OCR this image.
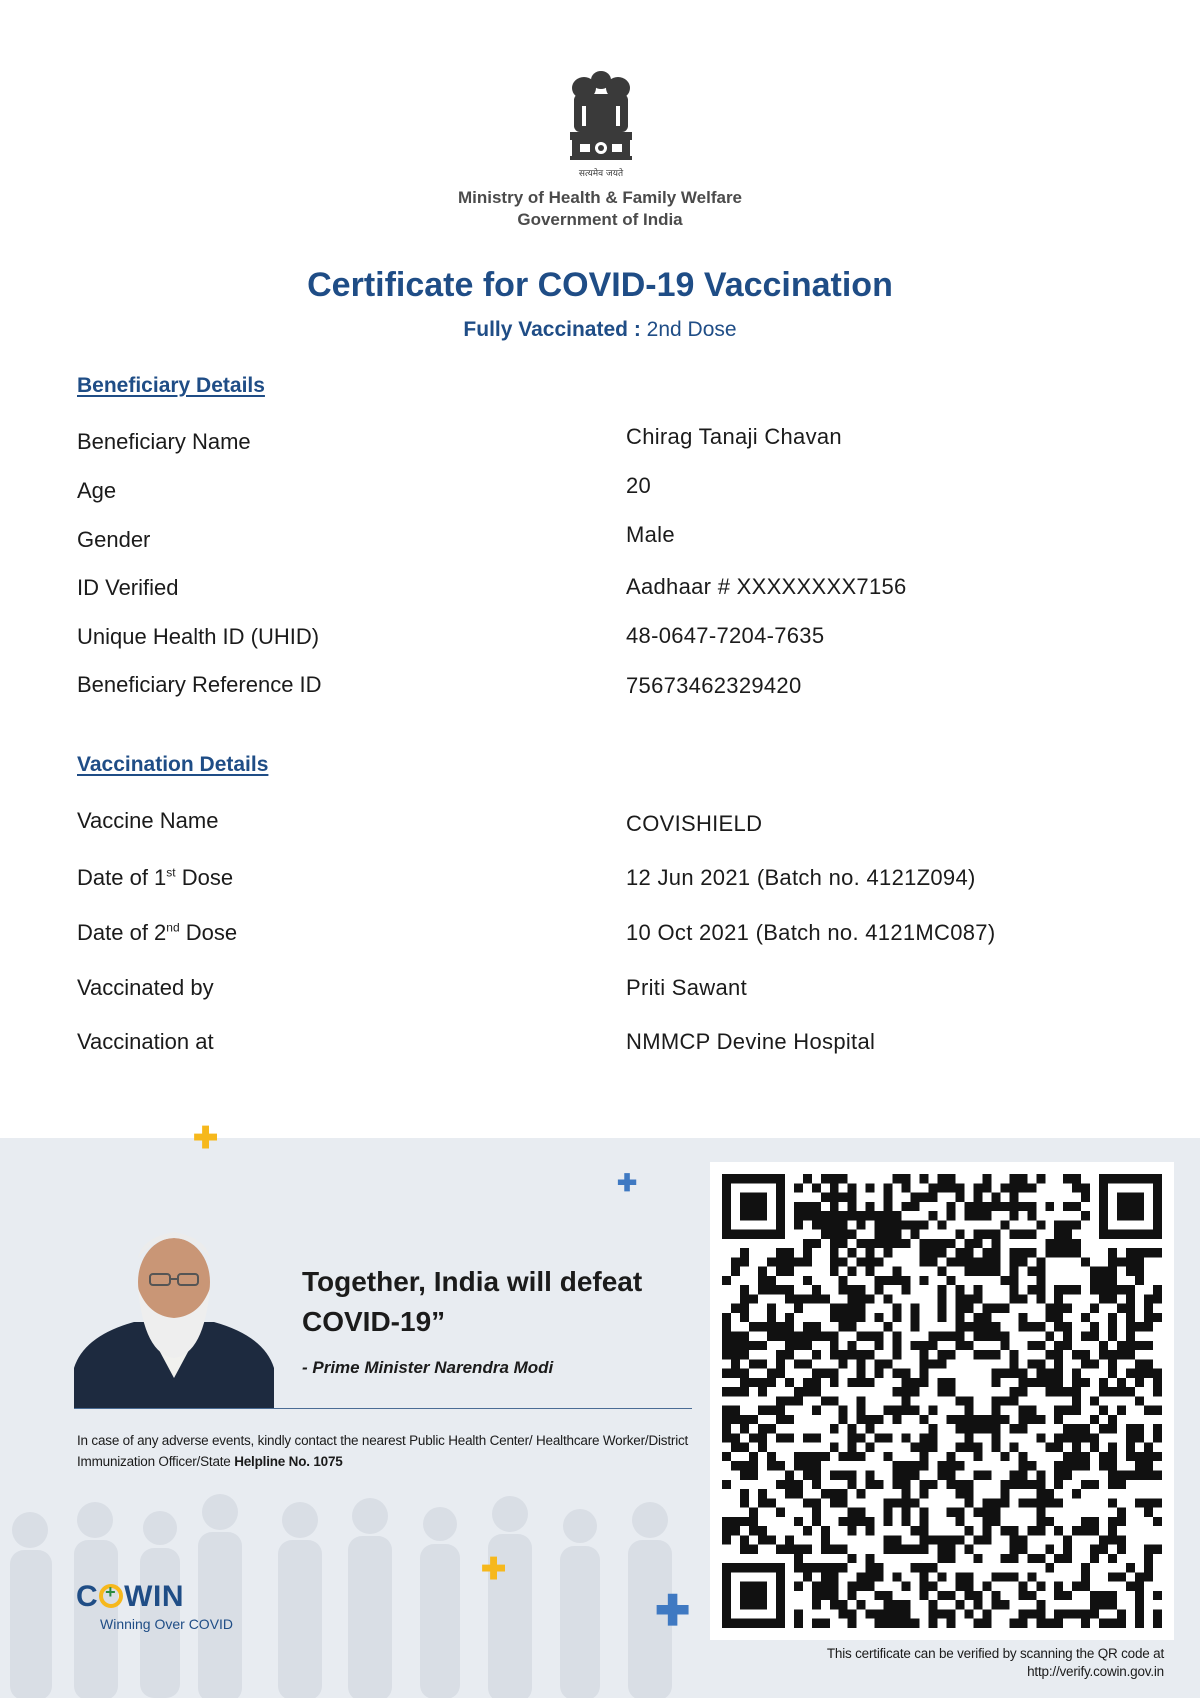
सत्यमेव जयते
Ministry of Health & Family Welfare
Government of India
Certificate for COVID-19 Vaccination
Fully Vaccinated : 2nd Dose
Beneficiary Details
Beneficiary Name	Chirag Tanaji Chavan
Age	20
Gender	Male
ID Verified	Aadhaar # XXXXXXXX7156
Unique Health ID (UHID)	48-0647-7204-7635
Beneficiary Reference ID	75673462329420
Vaccination Details
Vaccine Name	COVISHIELD
Date of 1st Dose	12 Jun 2021 (Batch no. 4121Z094)
Date of 2nd Dose	10 Oct 2021 (Batch no. 4121MC087)
Vaccinated by	Priti Sawant
Vaccination at	NMMCP Devine Hospital
✚
✚
✚
✚
Together, India will defeat
COVID-19”
- Prime Minister Narendra Modi
In case of any adverse events, kindly contact the nearest Public Health Center/ Healthcare Worker/District Immunization Officer/State Helpline No. 1075
C+ WIN
Winning Over COVID
This certificate can be verified by scanning the QR code at
http://verify.cowin.gov.in
